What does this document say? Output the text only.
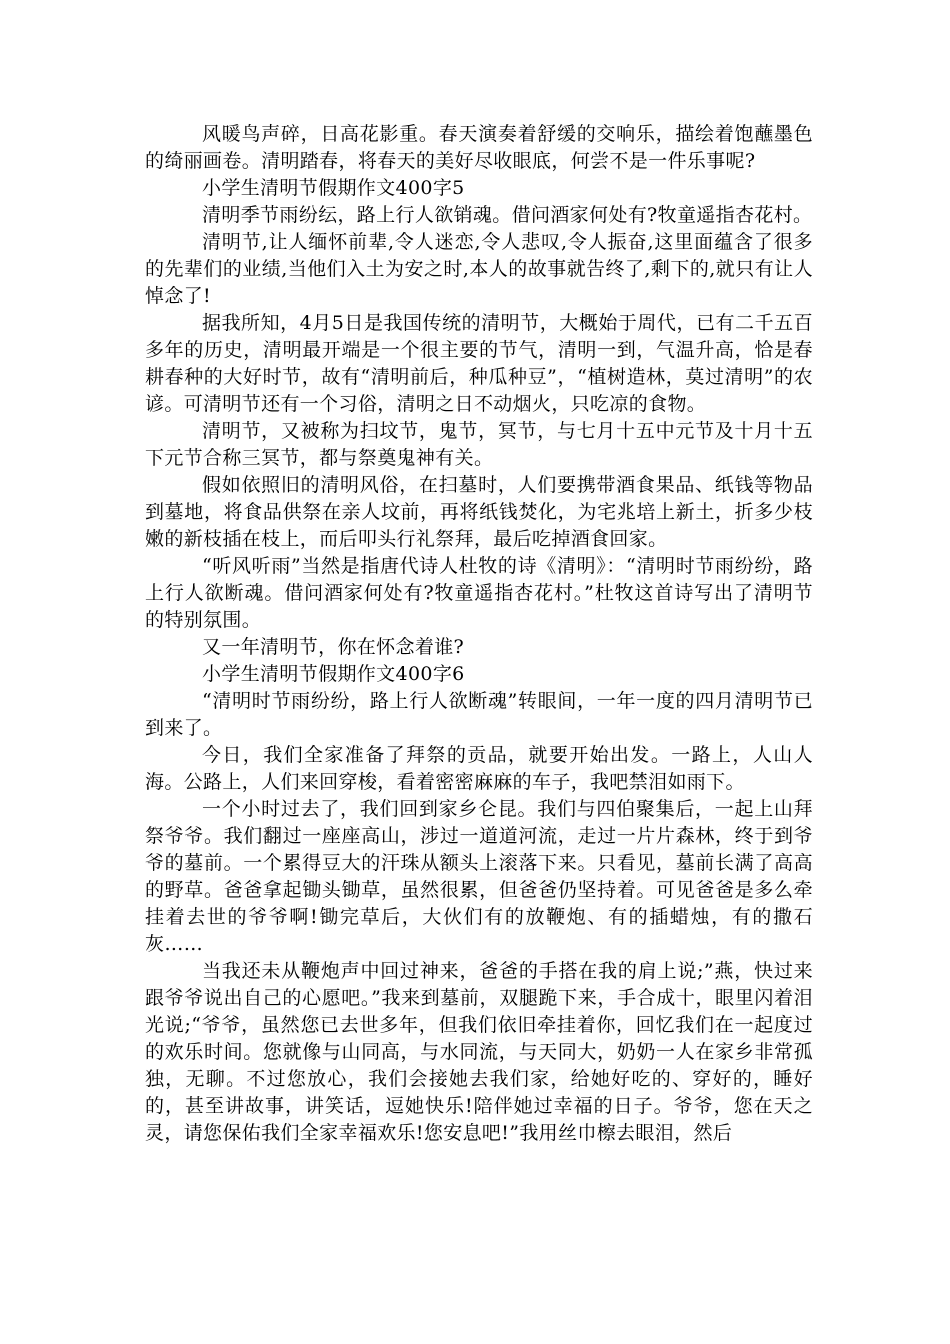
风暖鸟声碎，日高花影重。春天演奏着舒缓的交响乐，描绘着饱蘸墨色的绮丽画卷。清明踏春，将春天的美好尽收眼底，何尝不是一件乐事呢?

小学生清明节假期作文400字5

清明季节雨纷纭，路上行人欲销魂。借问酒家何处有?牧童遥指杏花村。

清明节,让人缅怀前辈,令人迷恋,令人悲叹,令人振奋,这里面蕴含了很多的先辈们的业绩,当他们入土为安之时,本人的故事就告终了,剩下的,就只有让人悼念了!

据我所知，4月5日是我国传统的清明节，大概始于周代，已有二千五百多年的历史，清明最开端是一个很主要的节气，清明一到，气温升高，恰是春耕春种的大好时节，故有“清明前后，种瓜种豆”，“植树造林，莫过清明”的农谚。可清明节还有一个习俗，清明之日不动烟火，只吃凉的食物。

清明节，又被称为扫坟节，鬼节，冥节，与七月十五中元节及十月十五下元节合称三冥节，都与祭奠鬼神有关。

假如依照旧的清明风俗，在扫墓时，人们要携带酒食果品、纸钱等物品到墓地，将食品供祭在亲人坟前，再将纸钱焚化，为宅兆培上新土，折多少枝嫩的新枝插在枝上，而后叩头行礼祭拜，最后吃掉酒食回家。

“听风听雨”当然是指唐代诗人杜牧的诗《清明》：“清明时节雨纷纷，路上行人欲断魂。借问酒家何处有?牧童遥指杏花村。”杜牧这首诗写出了清明节的特别氛围。

又一年清明节，你在怀念着谁?

小学生清明节假期作文400字6

“清明时节雨纷纷，路上行人欲断魂”转眼间，一年一度的四月清明节已到来了。

今日，我们全家准备了拜祭的贡品，就要开始出发。一路上，人山人海。公路上，人们来回穿梭，看着密密麻麻的车子，我吧禁泪如雨下。

一个小时过去了，我们回到家乡仑昆。我们与四伯聚集后，一起上山拜祭爷爷。我们翻过一座座高山，涉过一道道河流，走过一片片森林，终于到爷爷的墓前。一个累得豆大的汗珠从额头上滚落下来。只看见，墓前长满了高高的野草。爸爸拿起锄头锄草，虽然很累，但爸爸仍坚持着。可见爸爸是多么牵挂着去世的爷爷啊!锄完草后，大伙们有的放鞭炮、有的插蜡烛，有的撒石灰……

当我还未从鞭炮声中回过神来，爸爸的手搭在我的肩上说;”燕，快过来跟爷爷说出自己的心愿吧。”我来到墓前，双腿跪下来，手合成十，眼里闪着泪光说;“爷爷，虽然您已去世多年，但我们依旧牵挂着你，回忆我们在一起度过的欢乐时间。您就像与山同高，与水同流，与天同大，奶奶一人在家乡非常孤独，无聊。不过您放心，我们会接她去我们家，给她好吃的、穿好的，睡好的，甚至讲故事，讲笑话，逗她快乐!陪伴她过幸福的日子。爷爷，您在天之灵，请您保佑我们全家幸福欢乐!您安息吧!”我用丝巾檫去眼泪，然后
